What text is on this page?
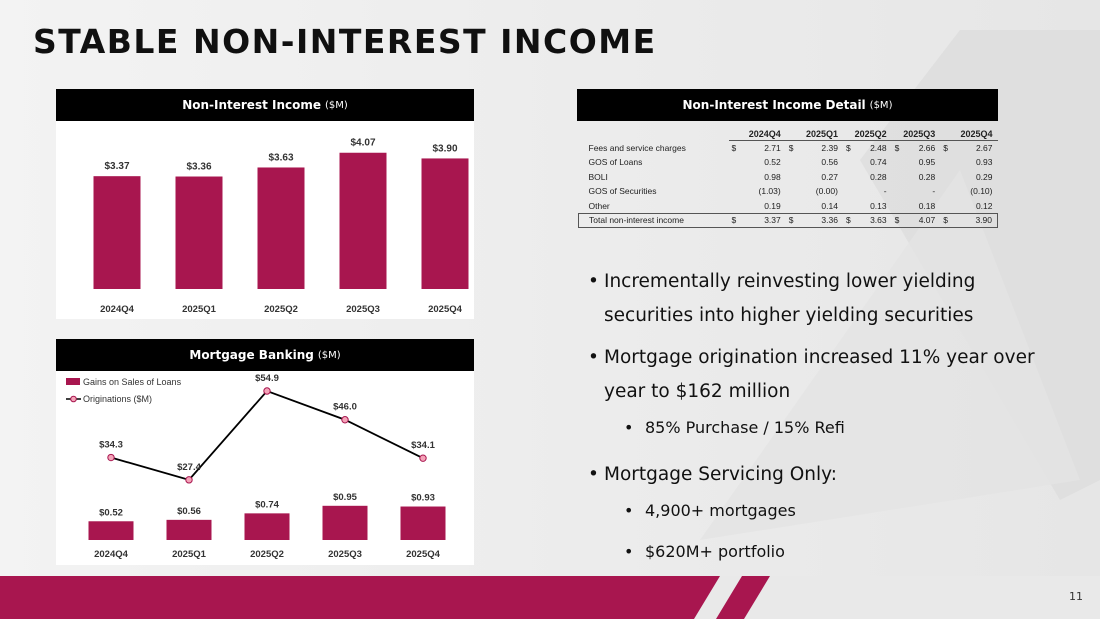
STABLE NON-INTEREST INCOME
Non-Interest Income ($M)
$3.37
2024Q4
$3.36
2025Q1
$3.63
2025Q2
$4.07
2025Q3
$3.90
2025Q4
Mortgage Banking ($M)
Gains on Sales of Loans
Originations ($M)
$0.52
2024Q4
$0.56
2025Q1
$0.74
2025Q2
$0.95
2025Q3
$0.93
2025Q4
$34.3
$27.4
$54.9
$46.0
$34.1
Non-Interest Income Detail ($M)
	2024Q4		2025Q1		2025Q2		2025Q3		2025Q4	
Fees and service charges	$	2.71	$	2.39	$	2.48	$	2.66	$	2.67
GOS of Loans		0.52		0.56		0.74		0.95		0.93
BOLI		0.98		0.27		0.28		0.28		0.29
GOS of Securities		(1.03)		(0.00)		-		-		(0.10)
Other		0.19		0.14		0.13		0.18		0.12
Total non-interest income	$	3.37	$	3.36	$	3.63	$	4.07	$	3.90
• Incrementally reinvesting lower yielding securities into higher yielding securities
• Mortgage origination increased 11% year over year to $162 million
• 85% Purchase / 15% Refi
• Mortgage Servicing Only:
• 4,900+ mortgages
• $620M+ portfolio
11
